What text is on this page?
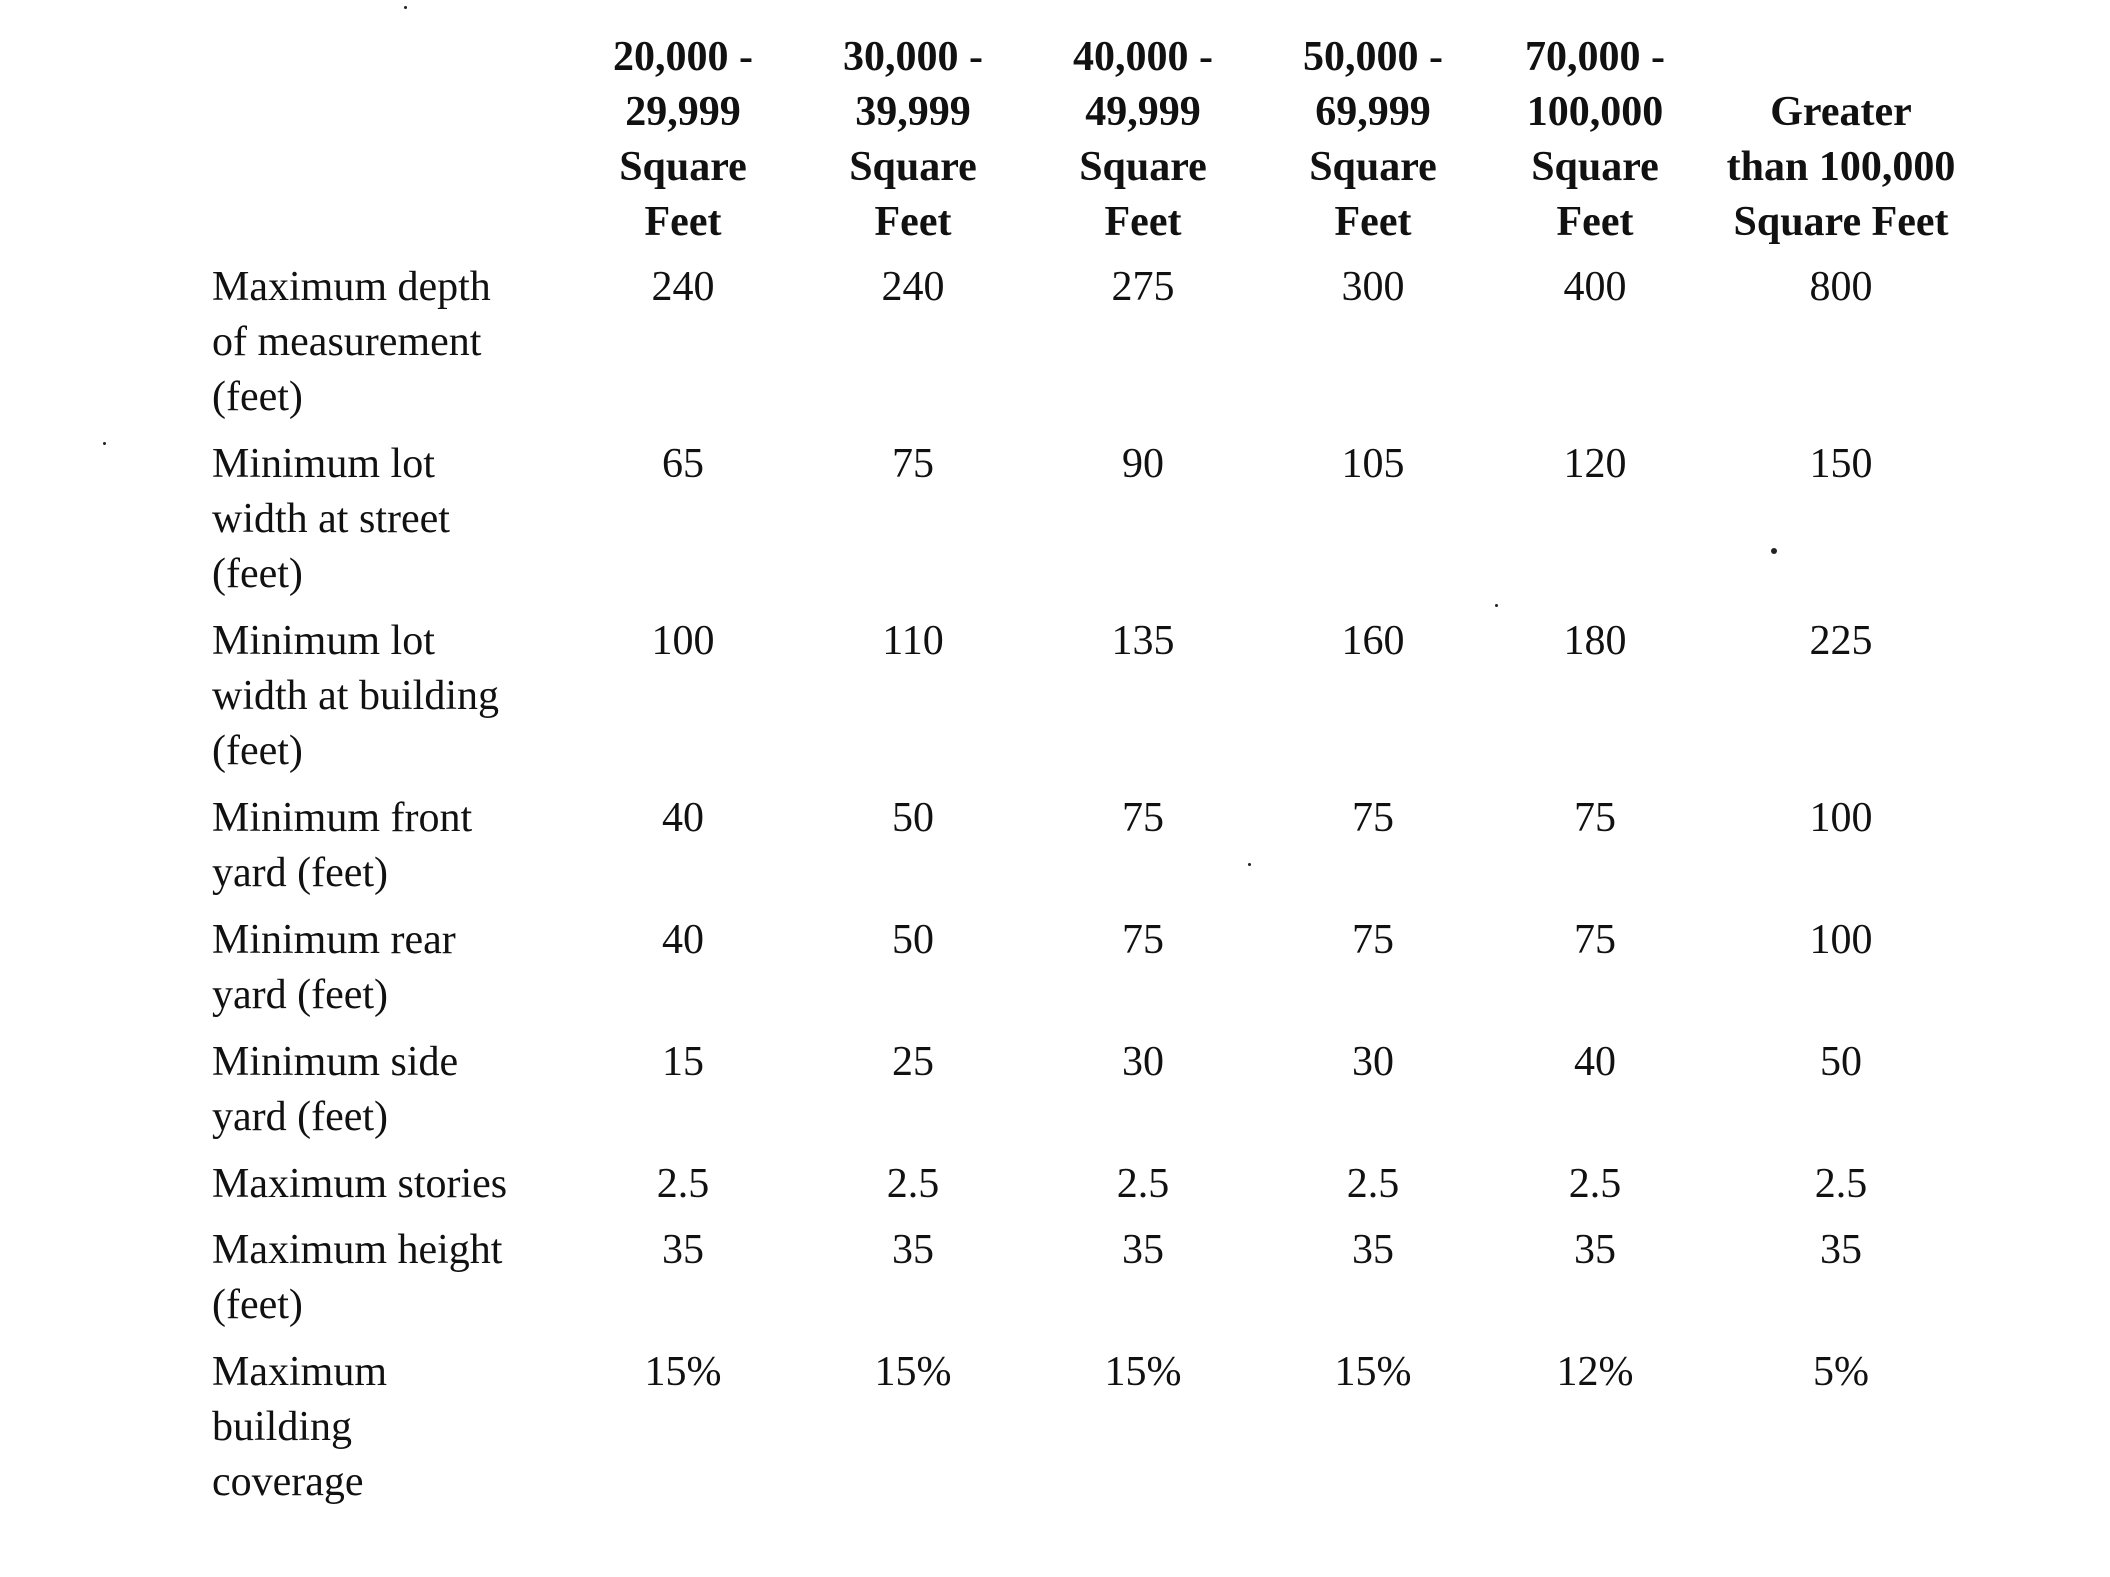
	20,000 -
29,999
Square
Feet	30,000 -
39,999
Square
Feet	40,000 -
49,999
Square
Feet	50,000 -
69,999
Square
Feet	70,000 -
100,000
Square
Feet	Greater
than 100,000
Square Feet

Maximum depth
of measurement
(feet)	240	240	275	300	400	800

Minimum lot
width at street
(feet)	65	75	90	105	120	150

Minimum lot
width at building
(feet)	100	110	135	160	180	225

Minimum front
yard (feet)	40	50	75	75	75	100

Minimum rear
yard (feet)	40	50	75	75	75	100

Minimum side
yard (feet)	15	25	30	30	40	50

Maximum stories	2.5	2.5	2.5	2.5	2.5	2.5

Maximum height
(feet)	35	35	35	35	35	35

Maximum
building
coverage	15%	15%	15%	15%	12%	5%
